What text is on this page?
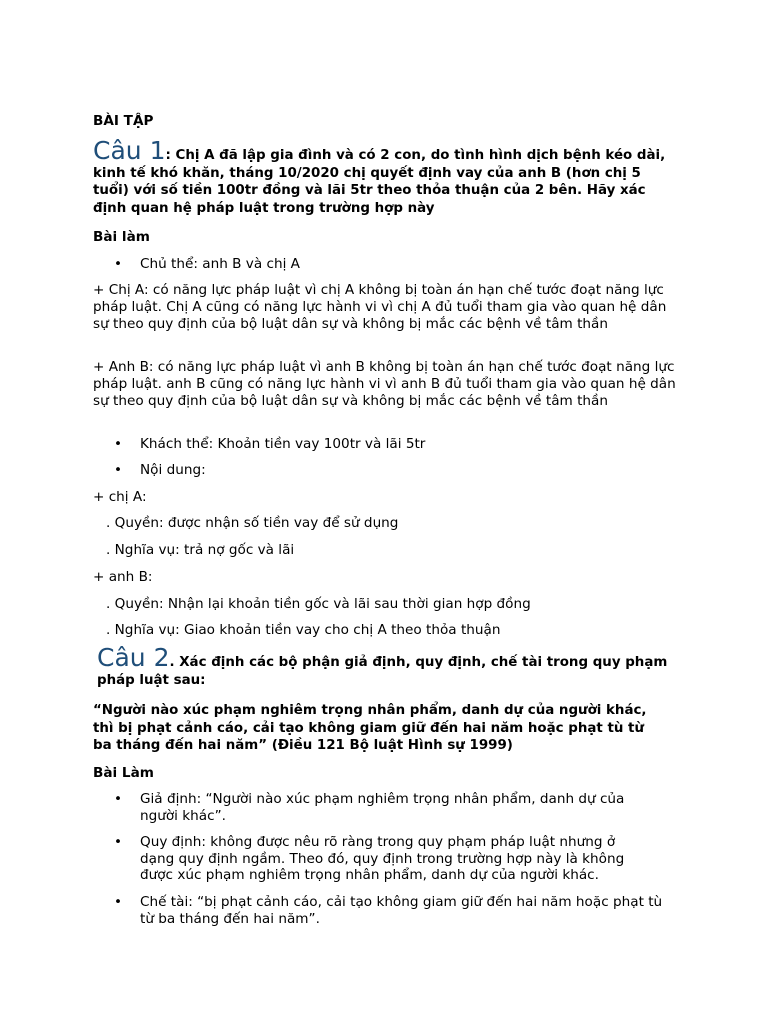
BÀI TẬP
Câu 1: Chị A đã lập gia đình và có 2 con, do tình hình dịch bệnh kéo dài, kinh tế khó khăn, tháng 10/2020 chị quyết định vay của anh B (hơn chị 5 tuổi) với số tiền 100tr đồng và lãi 5tr theo thỏa thuận của 2 bên. Hãy xác định quan hệ pháp luật trong trường hợp này
Bài làm
• Chủ thể: anh B và chị A
+ Chị A: có năng lực pháp luật vì chị A không bị toàn án hạn chế tước đoạt năng lực pháp luật. Chị A cũng có năng lực hành vi vì chị A đủ tuổi tham gia vào quan hệ dân sự theo quy định của bộ luật dân sự và không bị mắc các bệnh về tâm thần
+ Anh B: có năng lực pháp luật vì anh B không bị toàn án hạn chế tước đoạt năng lực pháp luật. anh B cũng có năng lực hành vi vì anh B đủ tuổi tham gia vào quan hệ dân sự theo quy định của bộ luật dân sự và không bị mắc các bệnh về tâm thần
• Khách thể: Khoản tiền vay 100tr và lãi 5tr
• Nội dung:
+ chị A:
. Quyền: được nhận số tiền vay để sử dụng
. Nghĩa vụ: trả nợ gốc và lãi
+ anh B:
. Quyền: Nhận lại khoản tiền gốc và lãi sau thời gian hợp đồng
. Nghĩa vụ: Giao khoản tiền vay cho chị A theo thỏa thuận
Câu 2. Xác định các bộ phận giả định, quy định, chế tài trong quy phạm pháp luật sau:
“Người nào xúc phạm nghiêm trọng nhân phẩm, danh dự của người khác, thì bị phạt cảnh cáo, cải tạo không giam giữ đến hai năm hoặc phạt tù từ ba tháng đến hai năm” (Điều 121 Bộ luật Hình sự 1999)
Bài Làm
• Giả định: “Người nào xúc phạm nghiêm trọng nhân phẩm, danh dự của người khác”.
• Quy định: không được nêu rõ ràng trong quy phạm pháp luật nhưng ở dạng quy định ngầm. Theo đó, quy định trong trường hợp này là không được xúc phạm nghiêm trọng nhân phẩm, danh dự của người khác.
• Chế tài: “bị phạt cảnh cáo, cải tạo không giam giữ đến hai năm hoặc phạt tù từ ba tháng đến hai năm”.
